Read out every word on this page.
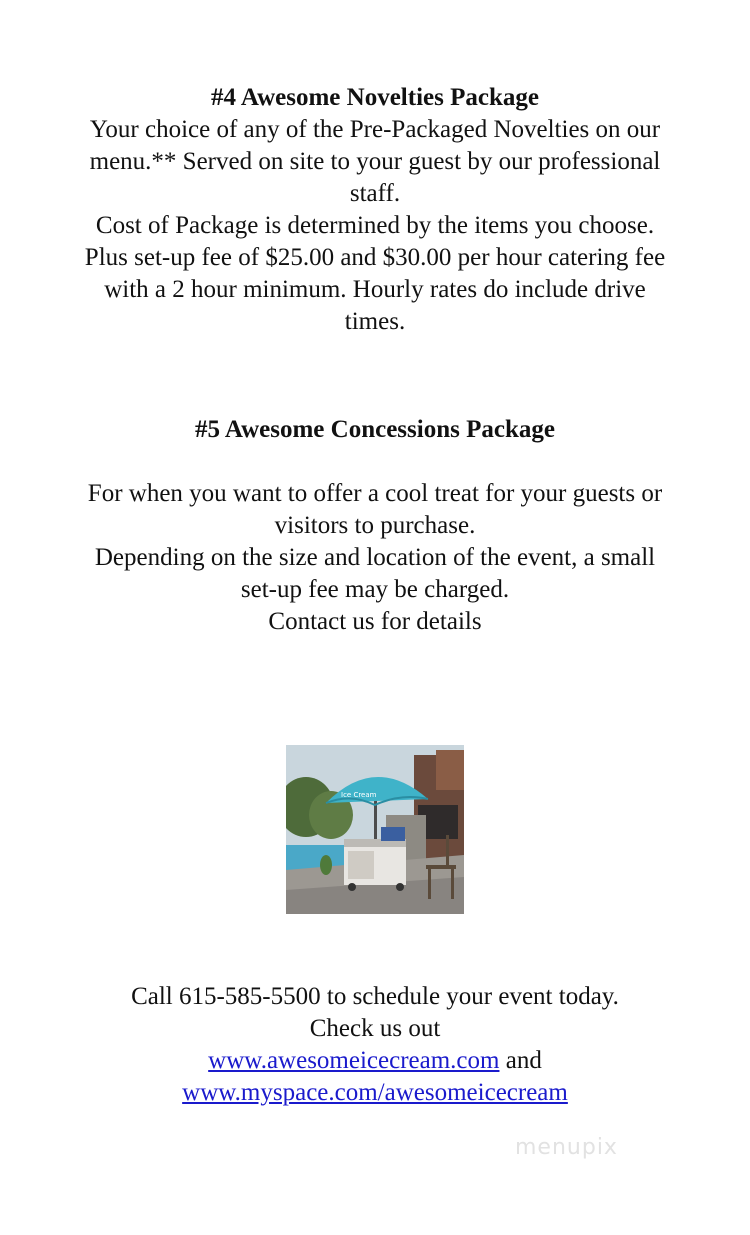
#4 Awesome Novelties Package
Your choice of any of the Pre-Packaged Novelties on our
menu.** Served on site to your guest by our professional
staff.
Cost of Package is determined by the items you choose.
Plus set-up fee of $25.00 and $30.00 per hour catering fee
with a 2 hour minimum. Hourly rates do include drive
times.
#5 Awesome Concessions Package

For when you want to offer a cool treat for your guests or
visitors to purchase.
Depending on the size and location of the event, a small
set-up fee may be charged.
Contact us for details
Ice Cream
Call 615-585-5500 to schedule your event today.
Check us out
www.awesomeicecream.com and
www.myspace.com/awesomeicecream
menupix
